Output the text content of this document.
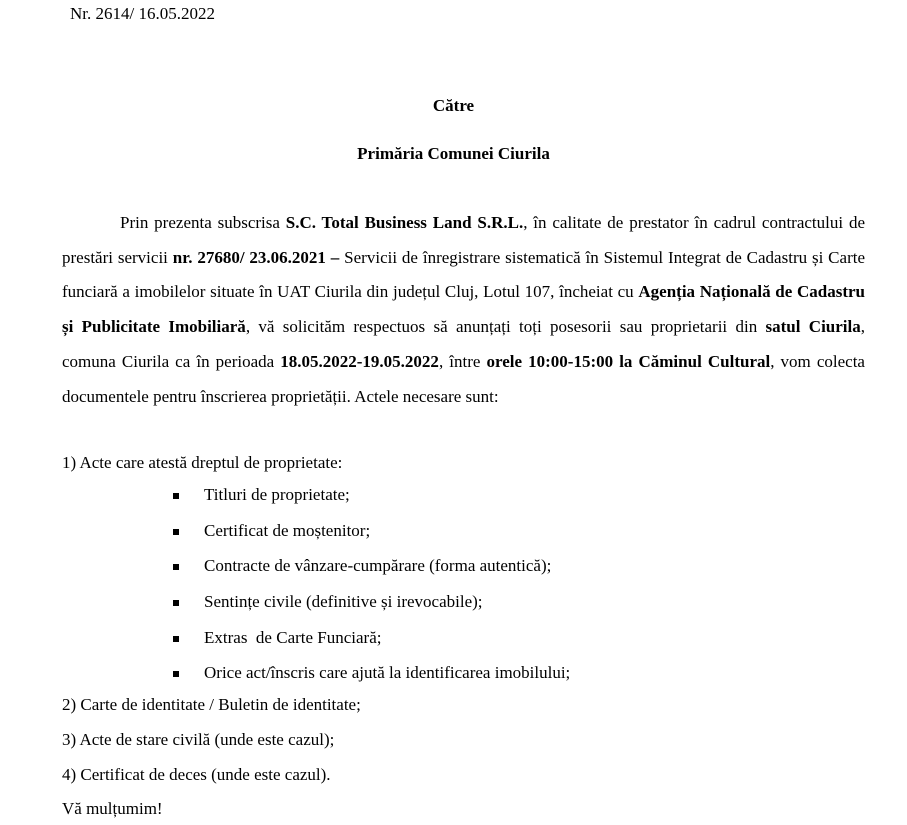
Nr. 2614/ 16.05.2022
Către
Primăria Comunei Ciurila
Prin prezenta subscrisa S.C. Total Business Land S.R.L., în calitate de prestator în cadrul contractului de prestări servicii nr. 27680/ 23.06.2021 – Servicii de înregistrare sistematică în Sistemul Integrat de Cadastru și Carte funciară a imobilelor situate în UAT Ciurila din județul Cluj, Lotul 107, încheiat cu Agenția Națională de Cadastru și Publicitate Imobiliară, vă solicităm respectuos să anunțați toți posesorii sau proprietarii din satul Ciurila, comuna Ciurila ca în perioada 18.05.2022-19.05.2022, între orele 10:00-15:00 la Căminul Cultural, vom colecta documentele pentru înscrierea proprietății. Actele necesare sunt:
1) Acte care atestă dreptul de proprietate:
Titluri de proprietate;
Certificat de moștenitor;
Contracte de vânzare-cumpărare (forma autentică);
Sentințe civile (definitive și irevocabile);
Extras  de Carte Funciară;
Orice act/înscris care ajută la identificarea imobilului;
2) Carte de identitate / Buletin de identitate;
3) Acte de stare civilă (unde este cazul);
4) Certificat de deces (unde este cazul).
Vă mulțumim!
